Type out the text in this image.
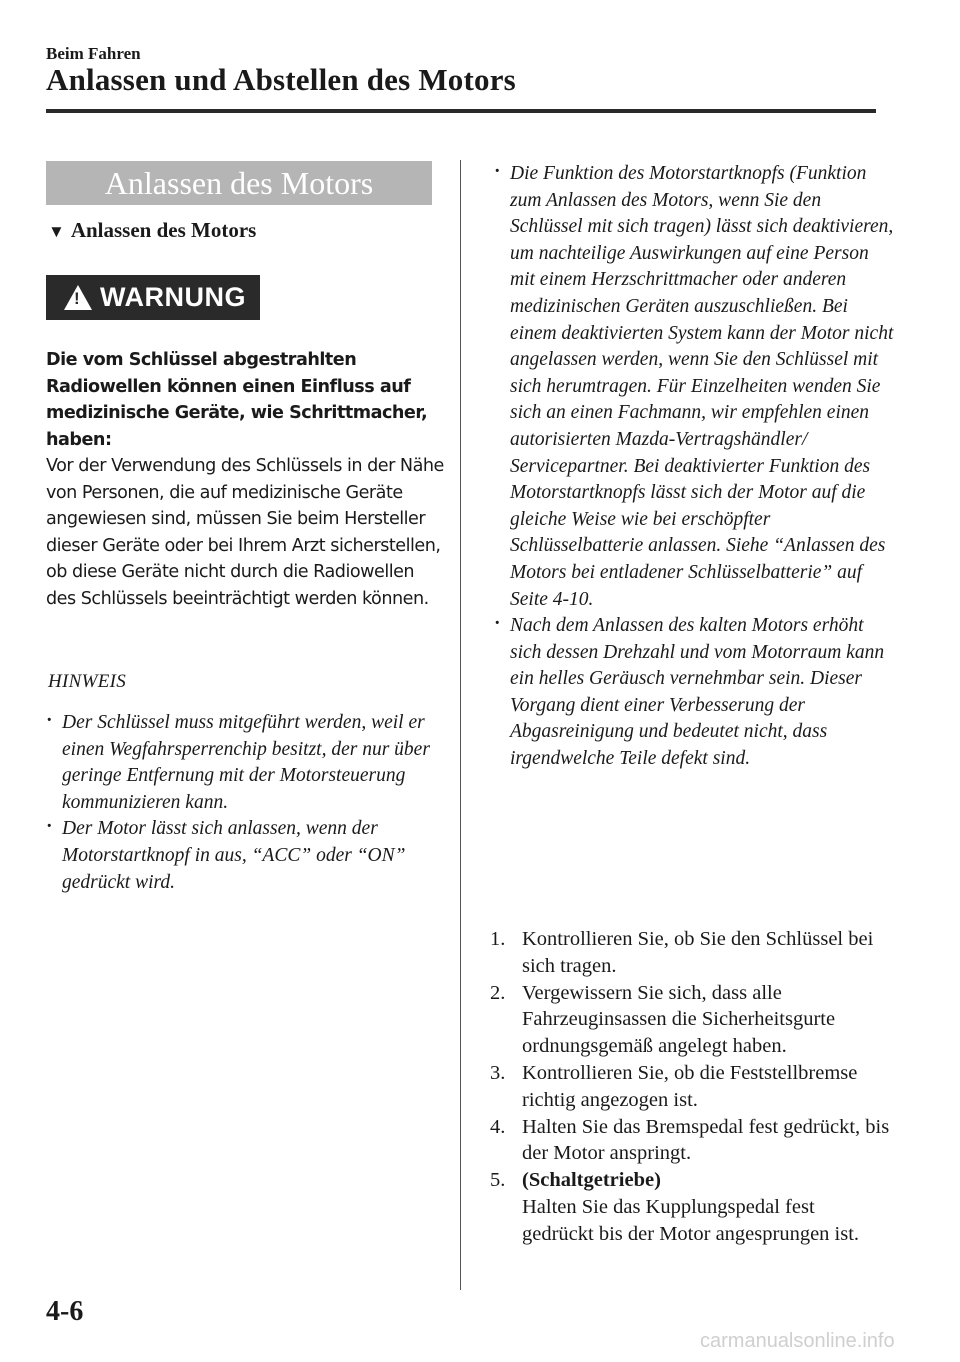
Beim Fahren
Anlassen und Abstellen des Motors
Anlassen des Motors
▼ Anlassen des Motors
! WARNUNG
Die vom Schlüssel abgestrahlten Radiowellen können einen Einfluss auf medizinische Geräte, wie Schrittmacher, haben:
Vor der Verwendung des Schlüssels in der Nähe von Personen, die auf medizinische Geräte angewiesen sind, müssen Sie beim Hersteller dieser Geräte oder bei Ihrem Arzt sicherstellen, ob diese Geräte nicht durch die Radiowellen des Schlüssels beeinträchtigt werden können.
HINWEIS
· Der Schlüssel muss mitgeführt werden, weil er einen Wegfahrsperrenchip besitzt, der nur über geringe Entfernung mit der Motorsteuerung kommunizieren kann.
· Der Motor lässt sich anlassen, wenn der Motorstartknopf in aus, “ACC” oder “ON” gedrückt wird.
· Die Funktion des Motorstartknopfs (Funktion zum Anlassen des Motors, wenn Sie den Schlüssel mit sich tragen) lässt sich deaktivieren, um nachteilige Auswirkungen auf eine Person mit einem Herzschrittmacher oder anderen medizinischen Geräten auszuschließen. Bei einem deaktivierten System kann der Motor nicht angelassen werden, wenn Sie den Schlüssel mit sich herumtragen. Für Einzelheiten wenden Sie sich an einen Fachmann, wir empfehlen einen autorisierten Mazda-Vertragshändler/ Servicepartner. Bei deaktivierter Funktion des Motorstartknopfs lässt sich der Motor auf die gleiche Weise wie bei erschöpfter Schlüsselbatterie anlassen. Siehe “Anlassen des Motors bei entladener Schlüsselbatterie” auf Seite 4-10.
· Nach dem Anlassen des kalten Motors erhöht sich dessen Drehzahl und vom Motorraum kann ein helles Geräusch vernehmbar sein. Dieser Vorgang dient einer Verbesserung der Abgasreinigung und bedeutet nicht, dass irgendwelche Teile defekt sind.
1. Kontrollieren Sie, ob Sie den Schlüssel bei sich tragen.
2. Vergewissern Sie sich, dass alle Fahrzeuginsassen die Sicherheitsgurte ordnungsgemäß angelegt haben.
3. Kontrollieren Sie, ob die Feststellbremse richtig angezogen ist.
4. Halten Sie das Bremspedal fest gedrückt, bis der Motor anspringt.
5. (Schaltgetriebe)
Halten Sie das Kupplungspedal fest gedrückt bis der Motor angesprungen ist.
4-6
carmanualsonline.info
